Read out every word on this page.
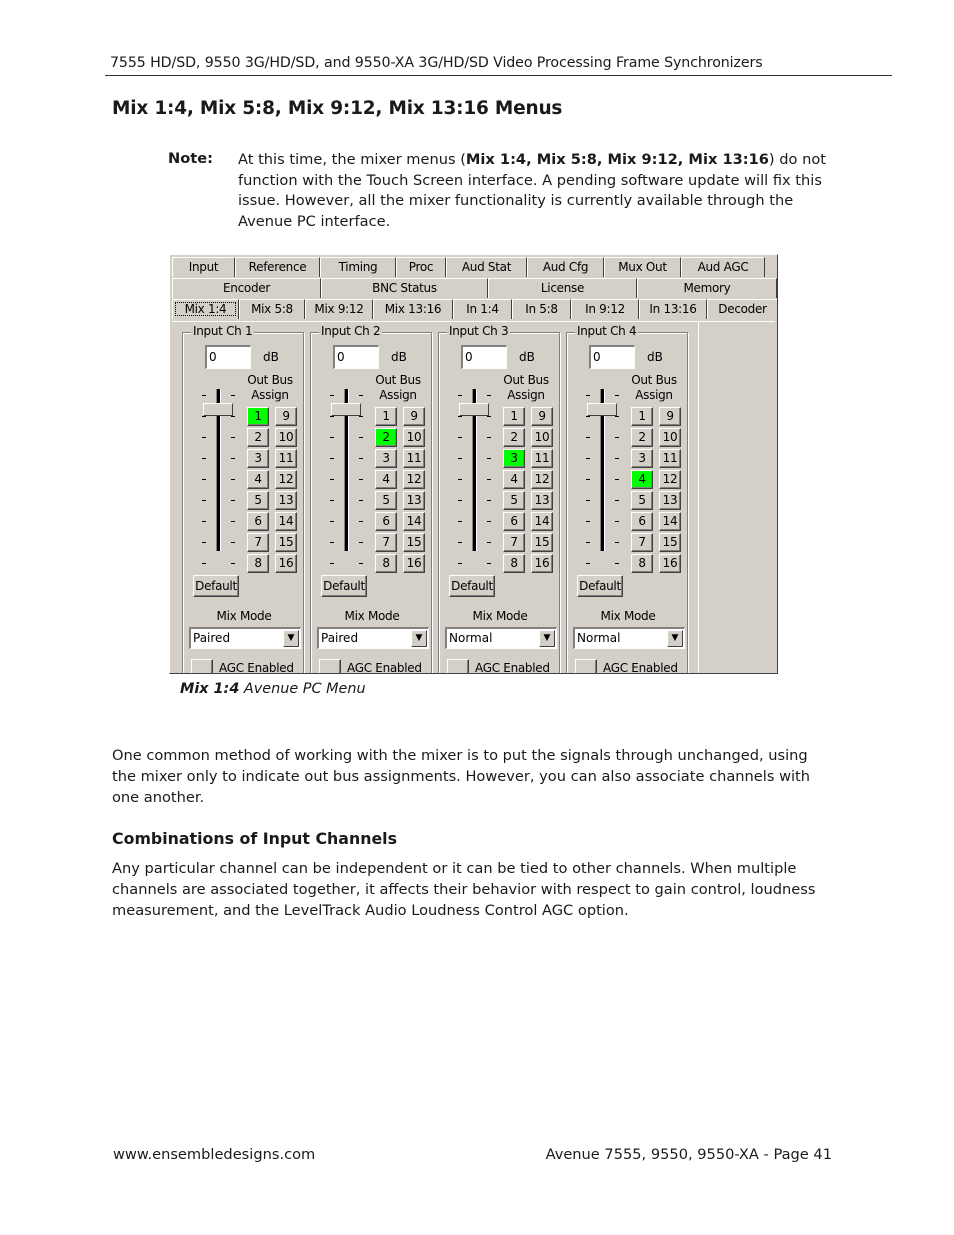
7555 HD/SD, 9550 3G/HD/SD, and 9550-XA 3G/HD/SD Video Processing Frame Synchronizers
Mix 1:4, Mix 5:8, Mix 9:12, Mix 13:16 Menus
Note: At this time, the mixer menus (Mix 1:4, Mix 5:8, Mix 9:12, Mix 13:16) do not function with the Touch Screen interface. A pending software update will fix this issue. However, all the mixer functionality is currently available through the Avenue PC interface.
Input	Reference	Timing	Proc	Aud Stat	Aud Cfg	Mux Out	Aud AGC
Encoder	BNC Status	License	Memory
Mix 1:4	Mix 5:8	Mix 9:12	Mix 13:16	In 1:4	In 5:8	In 9:12	In 13:16	Decoder
Input Ch 1
0	dB
Out Bus
Assign
1	9
2	10
3	11
4	12
5	13
6	14
7	15
8	16
Default
Mix Mode
Paired	▼
AGC Enabled
Input Ch 2
0	dB
Out Bus
Assign
1	9
2	10
3	11
4	12
5	13
6	14
7	15
8	16
Default
Mix Mode
Paired	▼
AGC Enabled
Input Ch 3
0	dB
Out Bus
Assign
1	9
2	10
3	11
4	12
5	13
6	14
7	15
8	16
Default
Mix Mode
Normal	▼
AGC Enabled
Input Ch 4
0	dB
Out Bus
Assign
1	9
2	10
3	11
4	12
5	13
6	14
7	15
8	16
Default
Mix Mode
Normal	▼
AGC Enabled
Mix 1:4 Avenue PC Menu
One common method of working with the mixer is to put the signals through unchanged, using the mixer only to indicate out bus assignments. However, you can also associate channels with one another.
Combinations of Input Channels
Any particular channel can be independent or it can be tied to other channels. When multiple channels are associated together, it affects their behavior with respect to gain control, loudness measurement, and the LevelTrack Audio Loudness Control AGC option.
www.ensembledesigns.com	Avenue 7555, 9550, 9550-XA - Page 41
